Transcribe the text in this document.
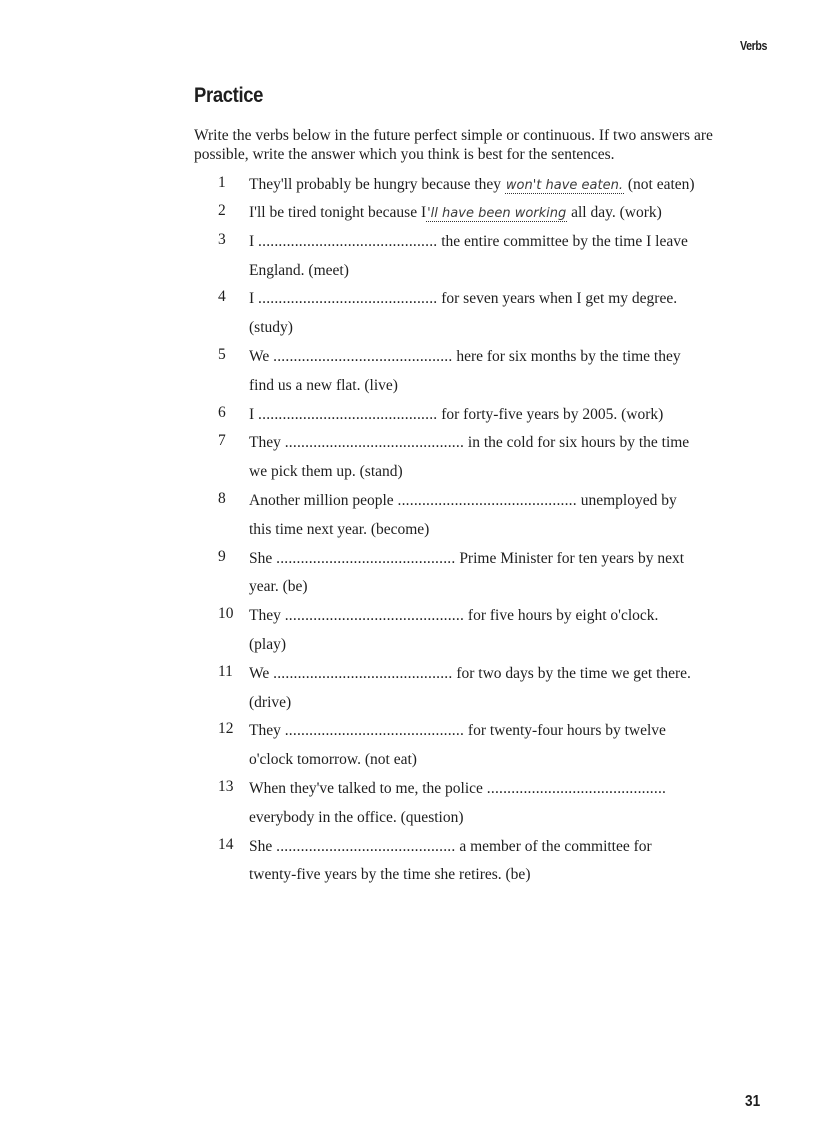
Verbs
Practice
Write the verbs below in the future perfect simple or continuous. If two answers are possible, write the answer which you think is best for the sentences.
1	They'll probably be hungry because they won't have eaten. (not eaten)
2	I'll be tired tonight because I'll have been working all day. (work)
3	I ............................................ the entire committee by the time I leave
England. (meet)
4	I ............................................ for seven years when I get my degree.
(study)
5	We ............................................ here for six months by the time they
find us a new flat. (live)
6	I ............................................ for forty-five years by 2005. (work)
7	They ............................................ in the cold for six hours by the time
we pick them up. (stand)
8	Another million people ............................................ unemployed by
this time next year. (become)
9	She ............................................ Prime Minister for ten years by next
year. (be)
10	They ............................................ for five hours by eight o'clock.
(play)
11	We ............................................ for two days by the time we get there.
(drive)
12	They ............................................ for twenty-four hours by twelve
o'clock tomorrow. (not eat)
13	When they've talked to me, the police ............................................
everybody in the office. (question)
14	She ............................................ a member of the committee for
twenty-five years by the time she retires. (be)
31
